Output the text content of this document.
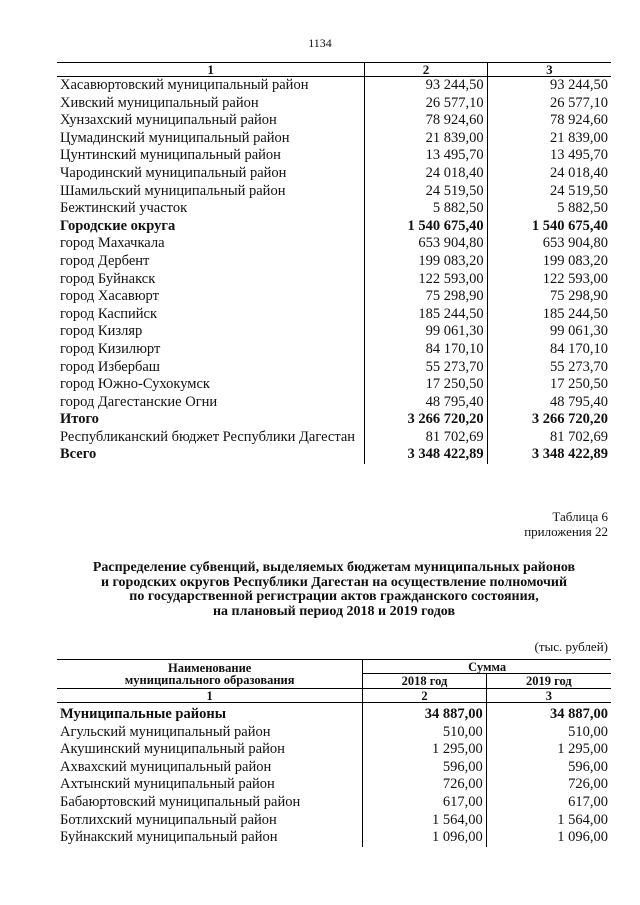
1134
1	2	3
Хасавюртовский муниципальный район	93 244,50	93 244,50
Хивский муниципальный район	26 577,10	26 577,10
Хунзахский муниципальный район	78 924,60	78 924,60
Цумадинский муниципальный район	21 839,00	21 839,00
Цунтинский муниципальный район	13 495,70	13 495,70
Чародинский муниципальный район	24 018,40	24 018,40
Шамильский муниципальный район	24 519,50	24 519,50
Бежтинский участок	5 882,50	5 882,50
Городские округа	1 540 675,40	1 540 675,40
город Махачкала	653 904,80	653 904,80
город Дербент	199 083,20	199 083,20
город Буйнакск	122 593,00	122 593,00
город Хасавюрт	75 298,90	75 298,90
город Каспийск	185 244,50	185 244,50
город Кизляр	99 061,30	99 061,30
город Кизилюрт	84 170,10	84 170,10
город Избербаш	55 273,70	55 273,70
город Южно-Сухокумск	17 250,50	17 250,50
город Дагестанские Огни	48 795,40	48 795,40
Итого	3 266 720,20	3 266 720,20
Республиканский бюджет Республики Дагестан	81 702,69	81 702,69
Всего	3 348 422,89	3 348 422,89
Таблица 6
приложения 22
Распределение субвенций, выделяемых бюджетам муниципальных районов
и городских округов Республики Дагестан на осуществление полномочий
по государственной регистрации актов гражданского состояния,
на плановый период 2018 и 2019 годов
(тыс. рублей)
Наименование
муниципального образования	Сумма	
	2018 год	2019 год
1	2	3
Муниципальные районы	34 887,00	34 887,00
Агульский муниципальный район	510,00	510,00
Акушинский муниципальный район	1 295,00	1 295,00
Ахвахский муниципальный район	596,00	596,00
Ахтынский муниципальный район	726,00	726,00
Бабаюртовский муниципальный район	617,00	617,00
Ботлихский муниципальный район	1 564,00	1 564,00
Буйнакский муниципальный район	1 096,00	1 096,00
